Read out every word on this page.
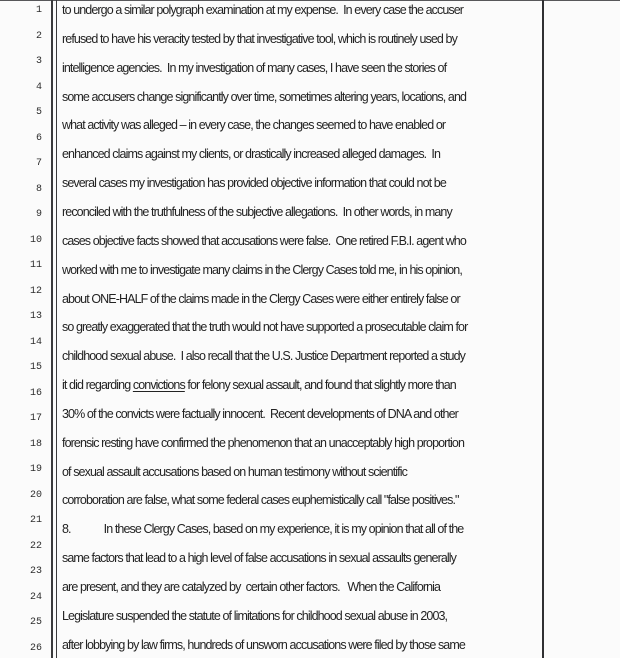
1
2
3
4
5
6
7
8
9
10
11
12
13
14
15
16
17
18
19
20
21
22
23
24
25
26
to undergo a similar polygraph examination at my expense.  In every case the accuser
refused to have his veracity tested by that investigative tool, which is routinely used by
intelligence agencies.  In my investigation of many cases, I have seen the stories of
some accusers change significantly over time, sometimes altering years, locations, and
what activity was alleged – in every case, the changes seemed to have enabled or
enhanced claims against my clients, or drastically increased alleged damages.  In
several cases my investigation has provided objective information that could not be
reconciled with the truthfulness of the subjective allegations.  In other words, in many
cases objective facts showed that accusations were false.  One retired F.B.I. agent who
worked with me to investigate many claims in the Clergy Cases told me, in his opinion,
about ONE-HALF of the claims made in the Clergy Cases were either entirely false or
so greatly exaggerated that the truth would not have supported a prosecutable claim for
childhood sexual abuse.  I also recall that the U.S. Justice Department reported a study
it did regarding convictions for felony sexual assault, and found that slightly more than
30% of the convicts were factually innocent.  Recent developments of DNA and other
forensic resting have confirmed the phenomenon that an unacceptably high proportion
of sexual assault accusations based on human testimony without scientific
corroboration are false, what some federal cases euphemistically call "false positives."
8.	In these Clergy Cases, based on my experience, it is my opinion that all of the
same factors that lead to a high level of false accusations in sexual assaults generally
are present, and they are catalyzed by  certain other factors.   When the California
Legislature suspended the statute of limitations for childhood sexual abuse in 2003,
after lobbying by law firms, hundreds of unsworn accusations were filed by those same
